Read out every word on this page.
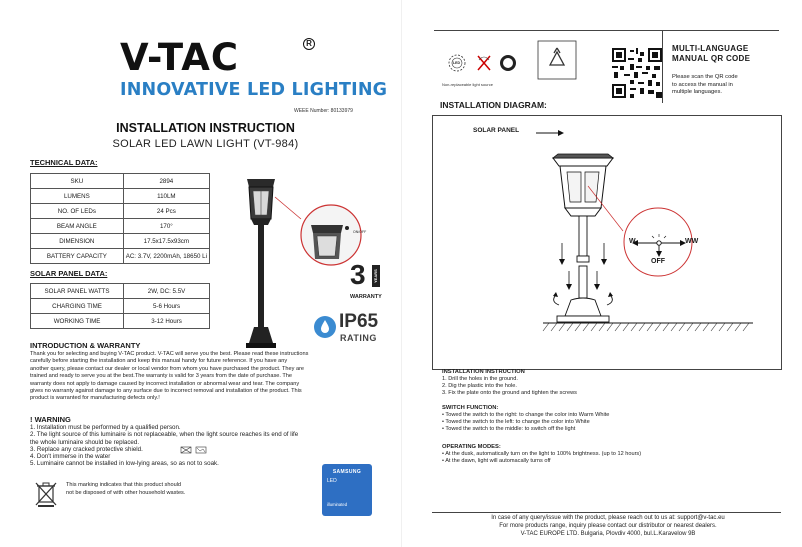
V-TAC	R
INNOVATIVE LED LIGHTING
WEEE Number: 80133979
INSTALLATION INSTRUCTION
SOLAR LED LAWN LIGHT (VT-984)
TECHNICAL DATA:
SKU	2894
LUMENS	110LM
NO. OF LEDs	24 Pcs
BEAM ANGLE	170°
DIMENSION	17.5x17.5x93cm
BATTERY CAPACITY	AC: 3.7V, 2200mAh, 18650 Li
SOLAR PANEL DATA:
SOLAR PANEL WATTS	2W, DC: 5.5V
CHARGING TIME	5-6 Hours
WORKING TIME	3-12 Hours
ON/OFF
3 YEARS
WARRANTY
IP65
RATING
INTRODUCTION & WARRANTY
Thank you for selecting and buying V-TAC product. V-TAC will serve you the best. Please read these instructions
carefully before starting the installation and keep this manual handy for future reference. If you have any
another query, please contact our dealer or local vendor from whom you have purchased the product. They are
trained and ready to serve you at the best.The warranty is valid for 3 years from the date of purchase. The
warranty does not apply to damage caused by incorrect installation or abnormal wear and tear. The company
gives no warranty against damage to any surface due to incorrect removal and installation of the product. This
product is warranted for manufacturing defects only.!
! WARNING
1. Installation must be performed by a qualified person.
2. The light source of this luminaire is not replaceable, when the light source reaches its end of life
the whole luminaire should be replaced.
3. Replace any cracked protective shield.
4. Don't immerse in the water
5. Luminaire cannot be installed in low-lying areas, so as not to soak.
This marking indicates that this product should
not be disposed of with other household wastes.
SAMSUNG
LED
illuminated
LED
Non-replaceable light source
MULTI-LANGUAGE
MANUAL QR CODE
Please scan the QR code
to access the manual in
multiple languages.
INSTALLATION DIAGRAM:
SOLAR PANEL
W	WW
OFF
INSTALLATION INSTRUCTION
1. Drill the holes in the ground.
2. Dig the plastic into the hole.
3. Fix the plate onto the ground and tighten the screws
SWITCH FUNCTION:
• Towed the switch to the right: to change the color into Warm White
• Towed the switch to the left: to change the color into White
• Towed the switch to the middle: to switch off the light
OPERATING MODES:
• At the dusk, automatically turn on the light to 100% brightness. (up to 12 hours)
• At the dawn, light will automacally turns off
In case of any query/issue with the product, please reach out to us at: support@v-tac.eu
For more products range, inquiry please contact our distributor or nearest dealers.
V-TAC EUROPE LTD. Bulgaria, Plovdiv 4000, bul.L.Karavelow 9B
